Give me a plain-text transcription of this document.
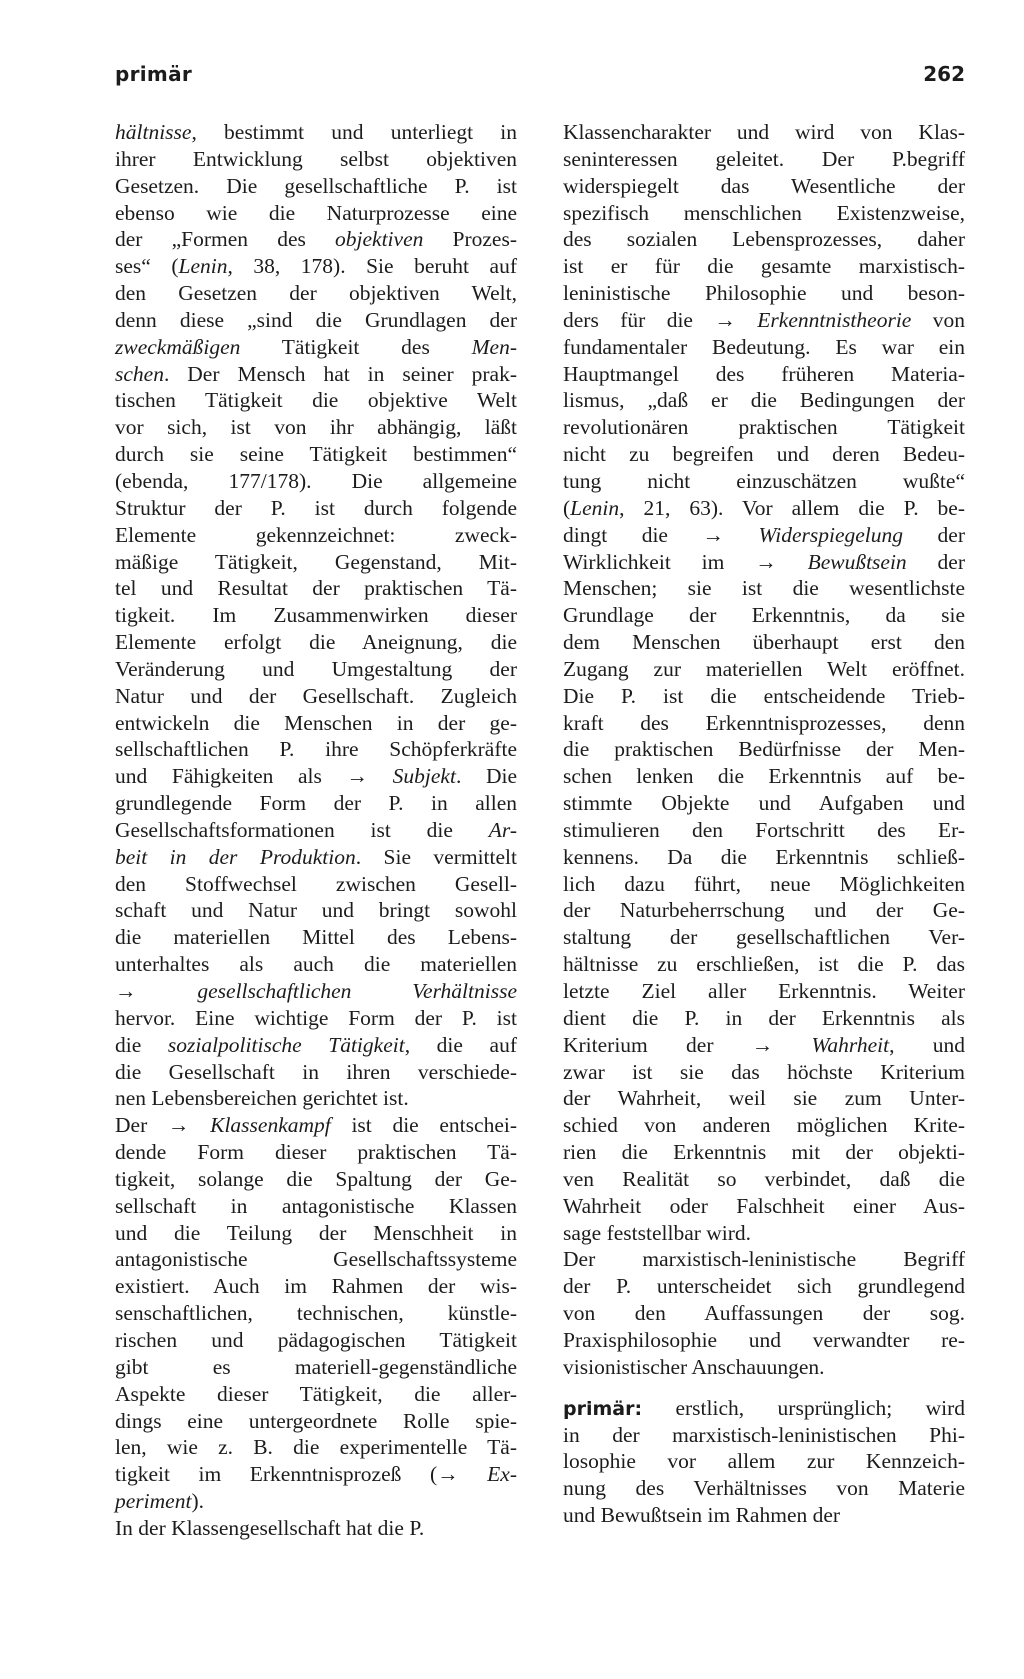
primär	262
hältnisse, bestimmt und unterliegt in
ihrer Entwicklung selbst objektiven
Gesetzen. Die gesellschaftliche P. ist
ebenso wie die Naturprozesse eine
der „Formen des objektiven Prozes-
ses“ (Lenin, 38, 178). Sie beruht auf
den Gesetzen der objektiven Welt,
denn diese „sind die Grundlagen der
zweckmäßigen Tätigkeit des Men-
schen. Der Mensch hat in seiner prak-
tischen Tätigkeit die objektive Welt
vor sich, ist von ihr abhängig, läßt
durch sie seine Tätigkeit bestimmen“
(ebenda, 177/178). Die allgemeine
Struktur der P. ist durch folgende
Elemente gekennzeichnet: zweck-
mäßige Tätigkeit, Gegenstand, Mit-
tel und Resultat der praktischen Tä-
tigkeit. Im Zusammenwirken dieser
Elemente erfolgt die Aneignung, die
Veränderung und Umgestaltung der
Natur und der Gesellschaft. Zugleich
entwickeln die Menschen in der ge-
sellschaftlichen P. ihre Schöpferkräfte
und Fähigkeiten als → Subjekt. Die
grundlegende Form der P. in allen
Gesellschaftsformationen ist die Ar-
beit in der Produktion. Sie vermittelt
den Stoffwechsel zwischen Gesell-
schaft und Natur und bringt sowohl
die materiellen Mittel des Lebens-
unterhaltes als auch die materiellen
→ gesellschaftlichen Verhältnisse
hervor. Eine wichtige Form der P. ist
die sozialpolitische Tätigkeit, die auf
die Gesellschaft in ihren verschiede-
nen Lebensbereichen gerichtet ist.
Der → Klassenkampf ist die entschei-
dende Form dieser praktischen Tä-
tigkeit, solange die Spaltung der Ge-
sellschaft in antagonistische Klassen
und die Teilung der Menschheit in
antagonistische Gesellschaftssysteme
existiert. Auch im Rahmen der wis-
senschaftlichen, technischen, künstle-
rischen und pädagogischen Tätigkeit
gibt es materiell-gegenständliche
Aspekte dieser Tätigkeit, die aller-
dings eine untergeordnete Rolle spie-
len, wie z. B. die experimentelle Tä-
tigkeit im Erkenntnisprozeß (→ Ex-
periment).
In der Klassengesellschaft hat die P.
Klassencharakter und wird von Klas-
seninteressen geleitet. Der P.begriff
widerspiegelt das Wesentliche der
spezifisch menschlichen Existenzweise,
des sozialen Lebensprozesses, daher
ist er für die gesamte marxistisch-
leninistische Philosophie und beson-
ders für die → Erkenntnistheorie von
fundamentaler Bedeutung. Es war ein
Hauptmangel des früheren Materia-
lismus, „daß er die Bedingungen der
revolutionären praktischen Tätigkeit
nicht zu begreifen und deren Bedeu-
tung nicht einzuschätzen wußte“
(Lenin, 21, 63). Vor allem die P. be-
dingt die → Widerspiegelung der
Wirklichkeit im → Bewußtsein der
Menschen; sie ist die wesentlichste
Grundlage der Erkenntnis, da sie
dem Menschen überhaupt erst den
Zugang zur materiellen Welt eröffnet.
Die P. ist die entscheidende Trieb-
kraft des Erkenntnisprozesses, denn
die praktischen Bedürfnisse der Men-
schen lenken die Erkenntnis auf be-
stimmte Objekte und Aufgaben und
stimulieren den Fortschritt des Er-
kennens. Da die Erkenntnis schließ-
lich dazu führt, neue Möglichkeiten
der Naturbeherrschung und der Ge-
staltung der gesellschaftlichen Ver-
hältnisse zu erschließen, ist die P. das
letzte Ziel aller Erkenntnis. Weiter
dient die P. in der Erkenntnis als
Kriterium der → Wahrheit, und
zwar ist sie das höchste Kriterium
der Wahrheit, weil sie zum Unter-
schied von anderen möglichen Krite-
rien die Erkenntnis mit der objekti-
ven Realität so verbindet, daß die
Wahrheit oder Falschheit einer Aus-
sage feststellbar wird.
Der marxistisch-leninistische Begriff
der P. unterscheidet sich grundlegend
von den Auffassungen der sog.
Praxisphilosophie und verwandter re-
visionistischer Anschauungen.
primär: erstlich, ursprünglich; wird
in der marxistisch-leninistischen Phi-
losophie vor allem zur Kennzeich-
nung des Verhältnisses von Materie
und Bewußtsein im Rahmen der
